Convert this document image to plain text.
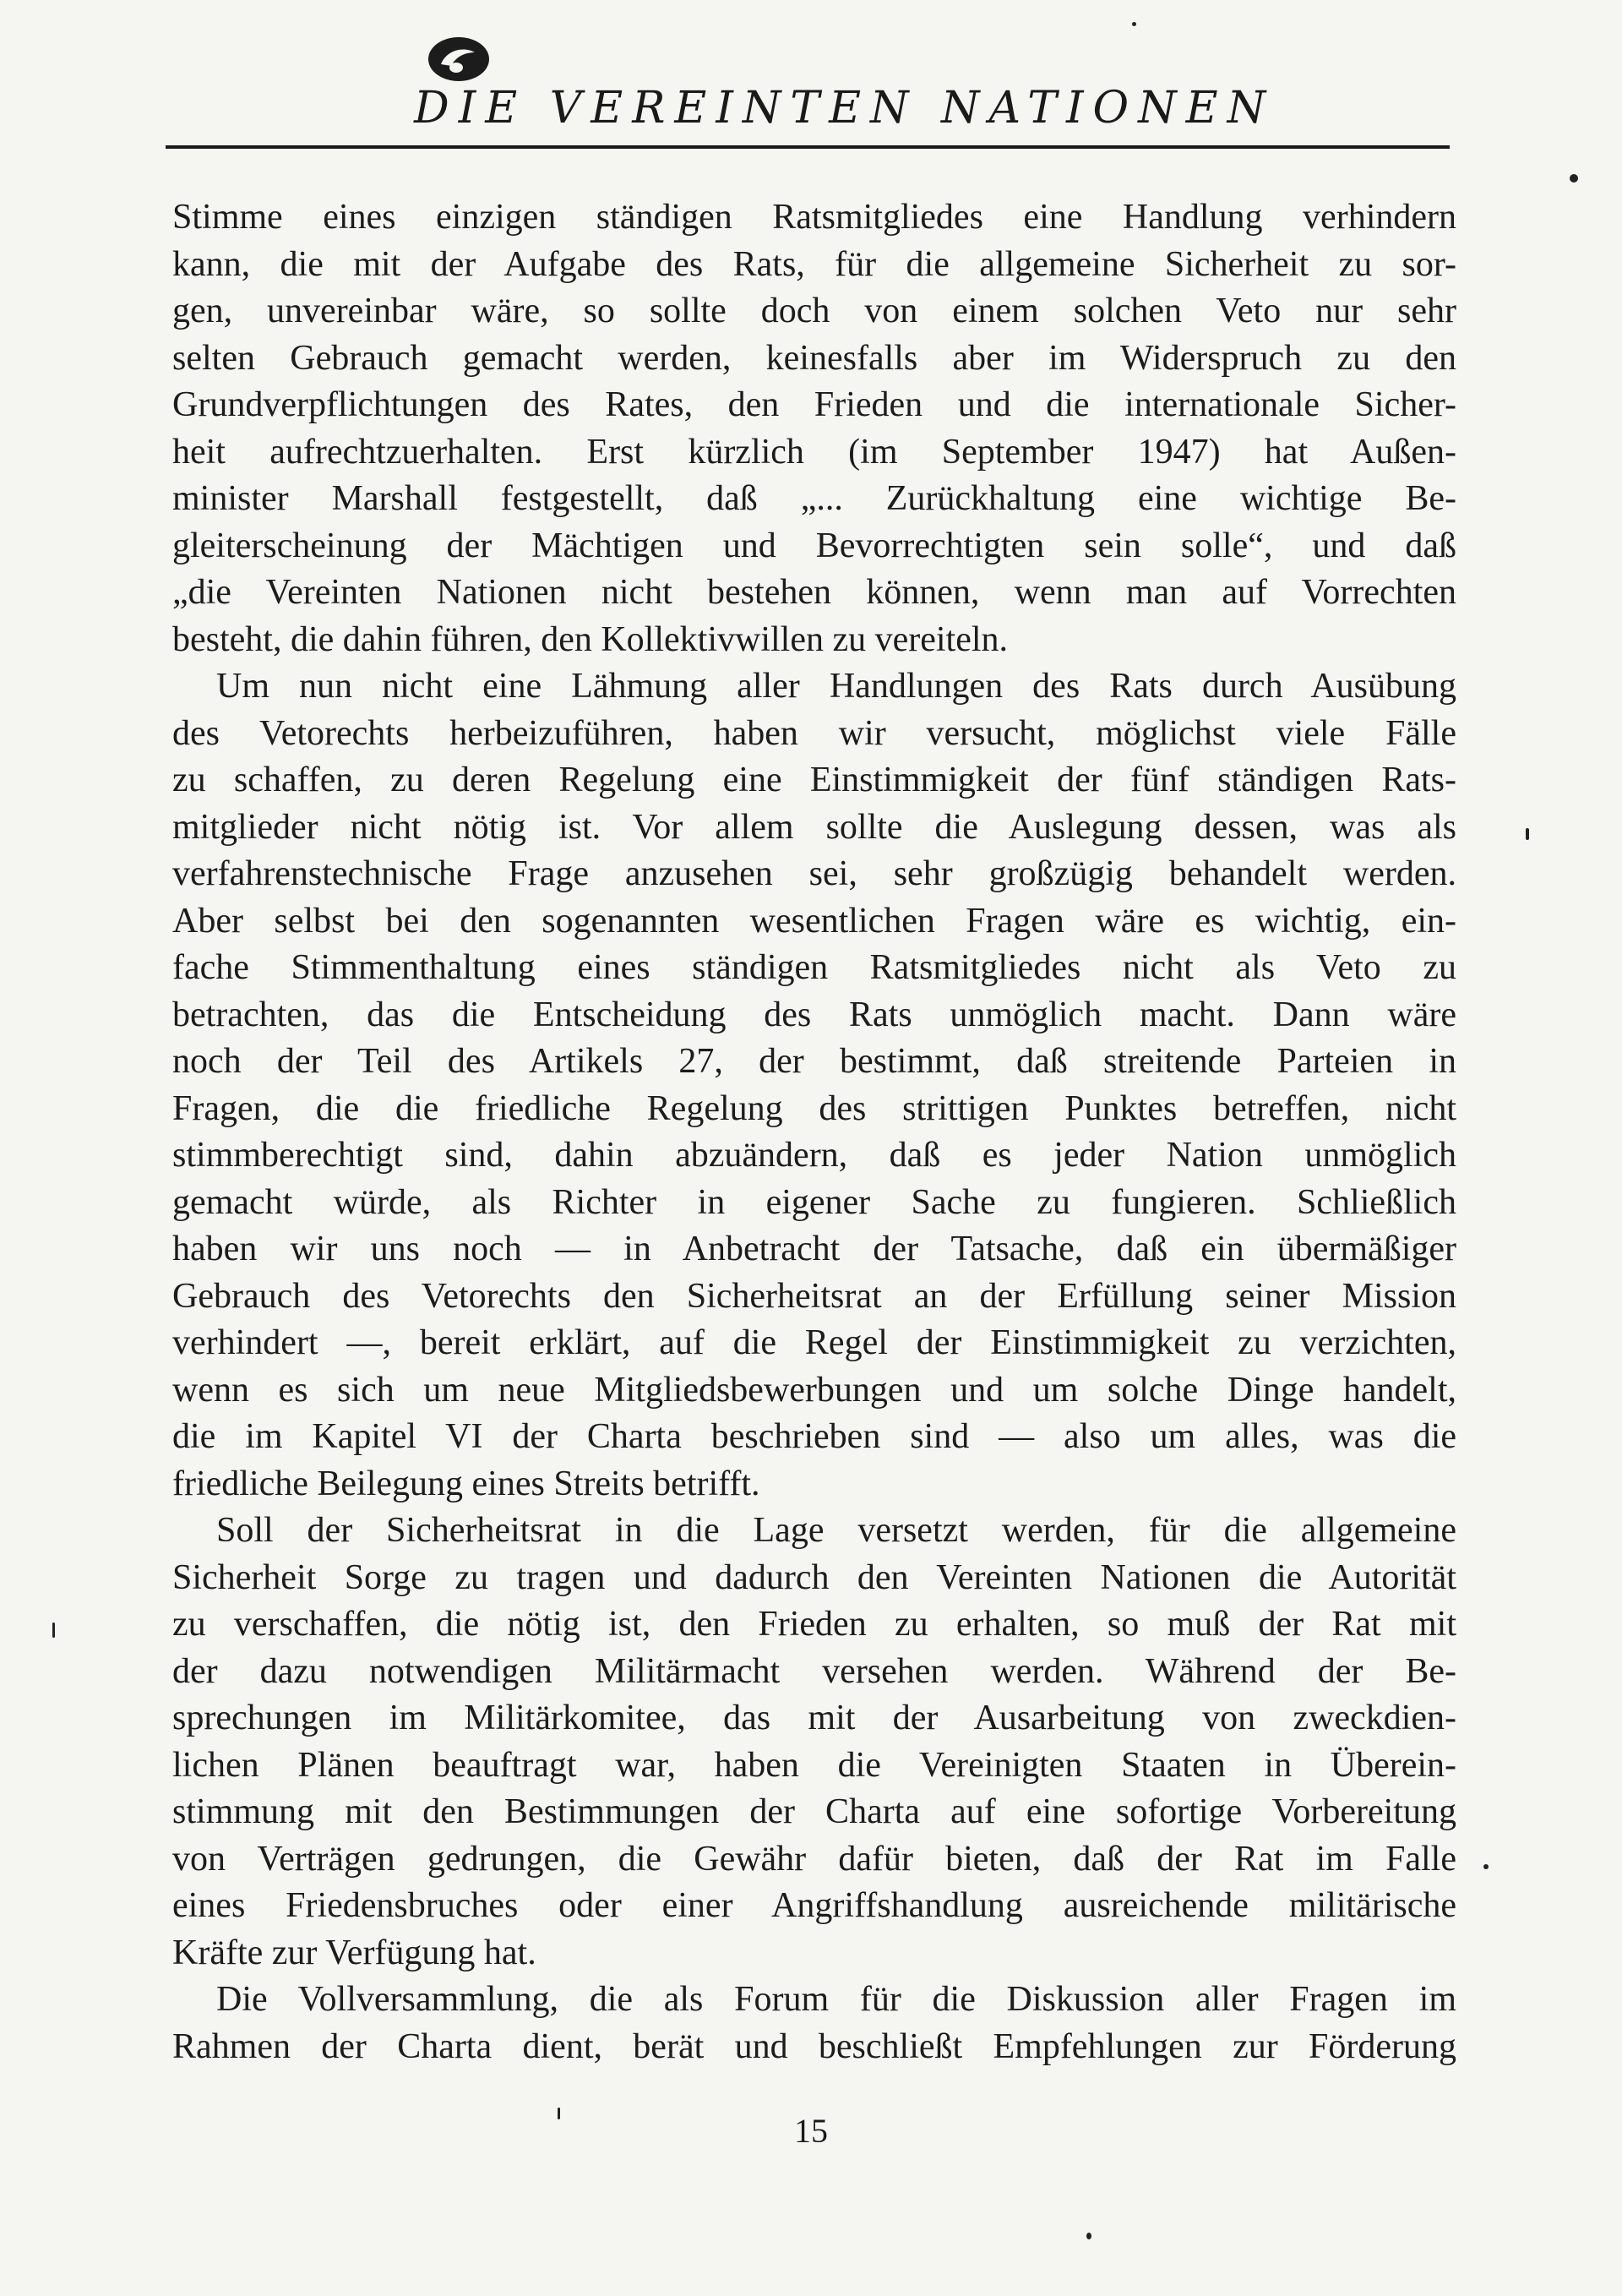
DIE VEREINTEN NATIONEN
Stimme eines einzigen ständigen Ratsmitgliedes eine Handlung verhindern
kann, die mit der Aufgabe des Rats, für die allgemeine Sicherheit zu sor-
gen, unvereinbar wäre, so sollte doch von einem solchen Veto nur sehr
selten Gebrauch gemacht werden, keinesfalls aber im Widerspruch zu den
Grundverpflichtungen des Rates, den Frieden und die internationale Sicher-
heit aufrechtzuerhalten. Erst kürzlich (im September 1947) hat Außen-
minister Marshall festgestellt, daß „... Zurückhaltung eine wichtige Be-
gleiterscheinung der Mächtigen und Bevorrechtigten sein solle“, und daß
„die Vereinten Nationen nicht bestehen können, wenn man auf Vorrechten
besteht, die dahin führen, den Kollektivwillen zu vereiteln.
Um nun nicht eine Lähmung aller Handlungen des Rats durch Ausübung
des Vetorechts herbeizuführen, haben wir versucht, möglichst viele Fälle
zu schaffen, zu deren Regelung eine Einstimmigkeit der fünf ständigen Rats-
mitglieder nicht nötig ist. Vor allem sollte die Auslegung dessen, was als
verfahrenstechnische Frage anzusehen sei, sehr großzügig behandelt werden.
Aber selbst bei den sogenannten wesentlichen Fragen wäre es wichtig, ein-
fache Stimmenthaltung eines ständigen Ratsmitgliedes nicht als Veto zu
betrachten, das die Entscheidung des Rats unmöglich macht. Dann wäre
noch der Teil des Artikels 27, der bestimmt, daß streitende Parteien in
Fragen, die die friedliche Regelung des strittigen Punktes betreffen, nicht
stimmberechtigt sind, dahin abzuändern, daß es jeder Nation unmöglich
gemacht würde, als Richter in eigener Sache zu fungieren. Schließlich
haben wir uns noch — in Anbetracht der Tatsache, daß ein übermäßiger
Gebrauch des Vetorechts den Sicherheitsrat an der Erfüllung seiner Mission
verhindert —, bereit erklärt, auf die Regel der Einstimmigkeit zu verzichten,
wenn es sich um neue Mitgliedsbewerbungen und um solche Dinge handelt,
die im Kapitel VI der Charta beschrieben sind — also um alles, was die
friedliche Beilegung eines Streits betrifft.
Soll der Sicherheitsrat in die Lage versetzt werden, für die allgemeine
Sicherheit Sorge zu tragen und dadurch den Vereinten Nationen die Autorität
zu verschaffen, die nötig ist, den Frieden zu erhalten, so muß der Rat mit
der dazu notwendigen Militärmacht versehen werden. Während der Be-
sprechungen im Militärkomitee, das mit der Ausarbeitung von zweckdien-
lichen Plänen beauftragt war, haben die Vereinigten Staaten in Überein-
stimmung mit den Bestimmungen der Charta auf eine sofortige Vorbereitung
von Verträgen gedrungen, die Gewähr dafür bieten, daß der Rat im Falle
eines Friedensbruches oder einer Angriffshandlung ausreichende militärische
Kräfte zur Verfügung hat.
Die Vollversammlung, die als Forum für die Diskussion aller Fragen im
Rahmen der Charta dient, berät und beschließt Empfehlungen zur Förderung
15
